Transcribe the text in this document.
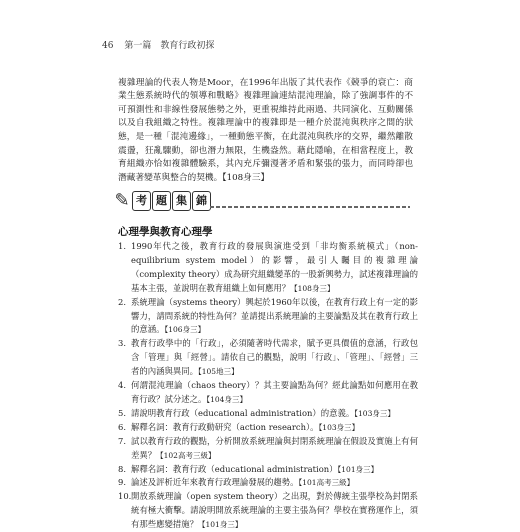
46 第一篇　教育行政初探

複雜理論的代表人物是Moor，在1996年出版了其代表作《競爭的衰亡：商業生態系統時代的領導和戰略》複雜理論連結混沌理論，除了強調事件的不可預測性和非線性發展態勢之外，更重視維持此兩過、共同演化、互動關係以及自我組織之特性。複雜理論中的複雜即是一種介於混沌與秩序之間的狀態，是一種「混沌邊緣」，一種動態平衡，在此混沌與秩序的交界，繼然離散震盪，狂亂驟動，卻也潛力無限，生機盎然。藉此隱喻，在相當程度上，教育組織亦恰如複雜體驗系，其內充斥彌漫著矛盾和緊張的張力，而同時卻也潛藏著變革與整合的契機。【108身三】

✎ 考 題 集 錦
心理學與教育心理學
1. 1990年代之後，教育行政的發展與演進受到「非均衡系統模式」（non-equilibrium system model）的影響，最引人矚目的複雜理論（complexity theory）成為研究組織變革的一股新興勢力，試述複雜理論的基本主張，並說明在教育組織上如何應用？【108身三】
2. 系統理論（systems theory）興起於1960年以後，在教育行政上有一定的影響力，請問系統的特性為何？並請提出系統理論的主要論點及其在教育行政上的意涵。【106身三】
3. 教育行政學中的「行政」，必須隨著時代需求，賦予更具價值的意涵，行政包含「管理」與「經營」。請依自己的觀點，說明「行政」、「管理」、「經營」三者的內涵與異同。【105地三】
4. 何謂混沌理論（chaos theory）？其主要論點為何？經此論點如何應用在教育行政？試分述之。【104身三】
5. 請說明教育行政（educational administration）的意義。【103身三】
6. 解釋名詞：教育行政動研究（action research）。【103身三】
7. 試以教育行政的觀點，分析開放系統理論與封閉系統理論在假設及實施上有何差異？【102高考三級】
8. 解釋名詞：教育行政（educational administration）【101身三】
9. 論述及評析近年來教育行政理論發展的趨勢。【101高考三級】
10. 開放系統理論（open system theory）之出現，對於傳統主張學校為封閉系統有極大衝擊。請說明開放系統理論的主要主張為何？學校在實務運作上，須有那些應變措施？【101身三】
